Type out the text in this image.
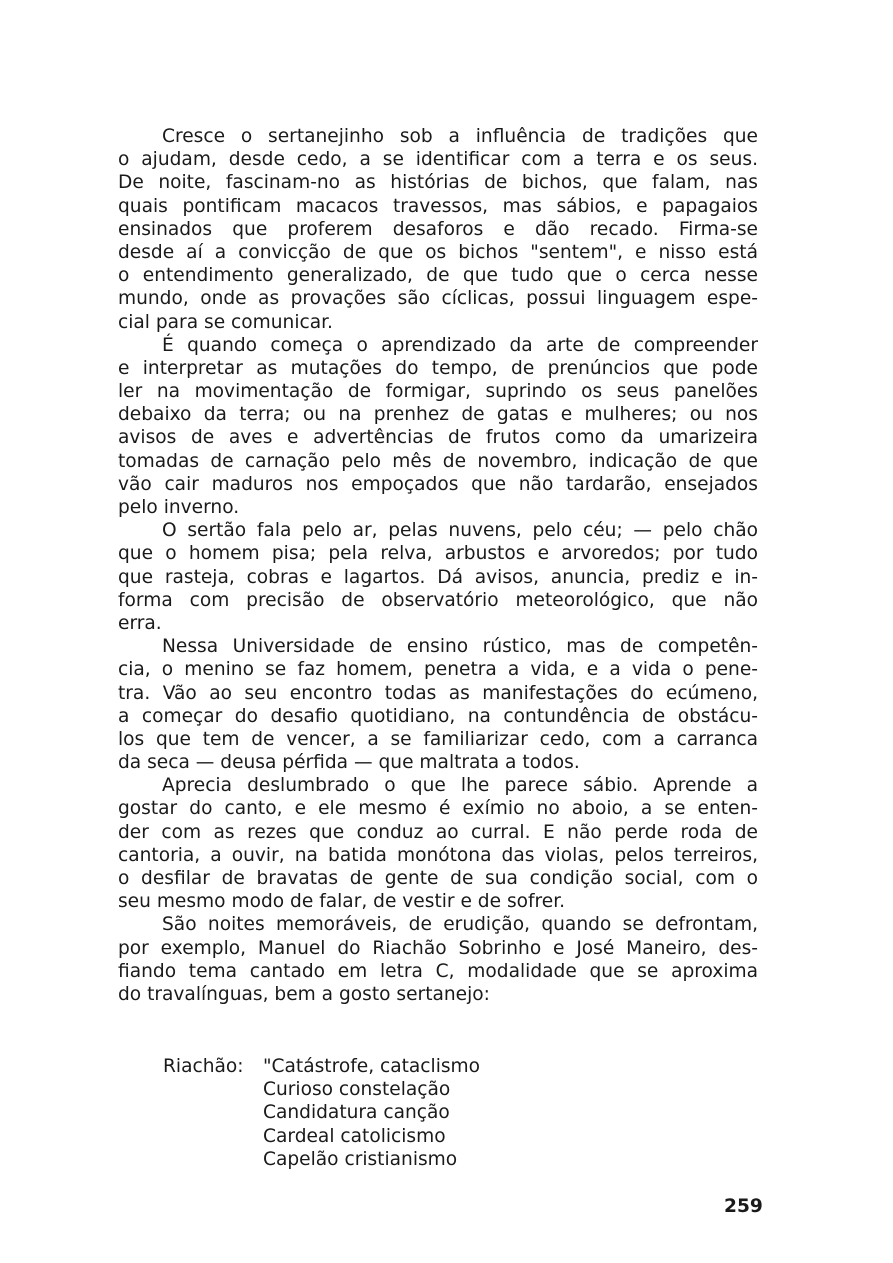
Cresce o sertanejinho sob a influência de tradições que
o ajudam, desde cedo, a se identificar com a terra e os seus.
De noite, fascinam-no as histórias de bichos, que falam, nas
quais pontificam macacos travessos, mas sábios, e papagaios
ensinados que proferem desaforos e dão recado. Firma-se
desde aí a convicção de que os bichos "sentem", e nisso está
o entendimento generalizado, de que tudo que o cerca nesse
mundo, onde as provações são cíclicas, possui linguagem espe-
cial para se comunicar.
É quando começa o aprendizado da arte de compreender
e interpretar as mutações do tempo, de prenúncios que pode
ler na movimentação de formigar, suprindo os seus panelões
debaixo da terra; ou na prenhez de gatas e mulheres; ou nos
avisos de aves e advertências de frutos como da umarizeira
tomadas de carnação pelo mês de novembro, indicação de que
vão cair maduros nos empoçados que não tardarão, ensejados
pelo inverno.
O sertão fala pelo ar, pelas nuvens, pelo céu; — pelo chão
que o homem pisa; pela relva, arbustos e arvoredos; por tudo
que rasteja, cobras e lagartos. Dá avisos, anuncia, prediz e in-
forma com precisão de observatório meteorológico, que não
erra.
Nessa Universidade de ensino rústico, mas de competên-
cia, o menino se faz homem, penetra a vida, e a vida o pene-
tra. Vão ao seu encontro todas as manifestações do ecúmeno,
a começar do desafio quotidiano, na contundência de obstácu-
los que tem de vencer, a se familiarizar cedo, com a carranca
da seca — deusa pérfida — que maltrata a todos.
Aprecia deslumbrado o que lhe parece sábio. Aprende a
gostar do canto, e ele mesmo é exímio no aboio, a se enten-
der com as rezes que conduz ao curral. E não perde roda de
cantoria, a ouvir, na batida monótona das violas, pelos terreiros,
o desfilar de bravatas de gente de sua condição social, com o
seu mesmo modo de falar, de vestir e de sofrer.
São noites memoráveis, de erudição, quando se defrontam,
por exemplo, Manuel do Riachão Sobrinho e José Maneiro, des-
fiando tema cantado em letra C, modalidade que se aproxima
do travalínguas, bem a gosto sertanejo:
Riachão: "Catástrofe, cataclismo
Curioso constelação
Candidatura canção
Cardeal catolicismo
Capelão cristianismo
259
